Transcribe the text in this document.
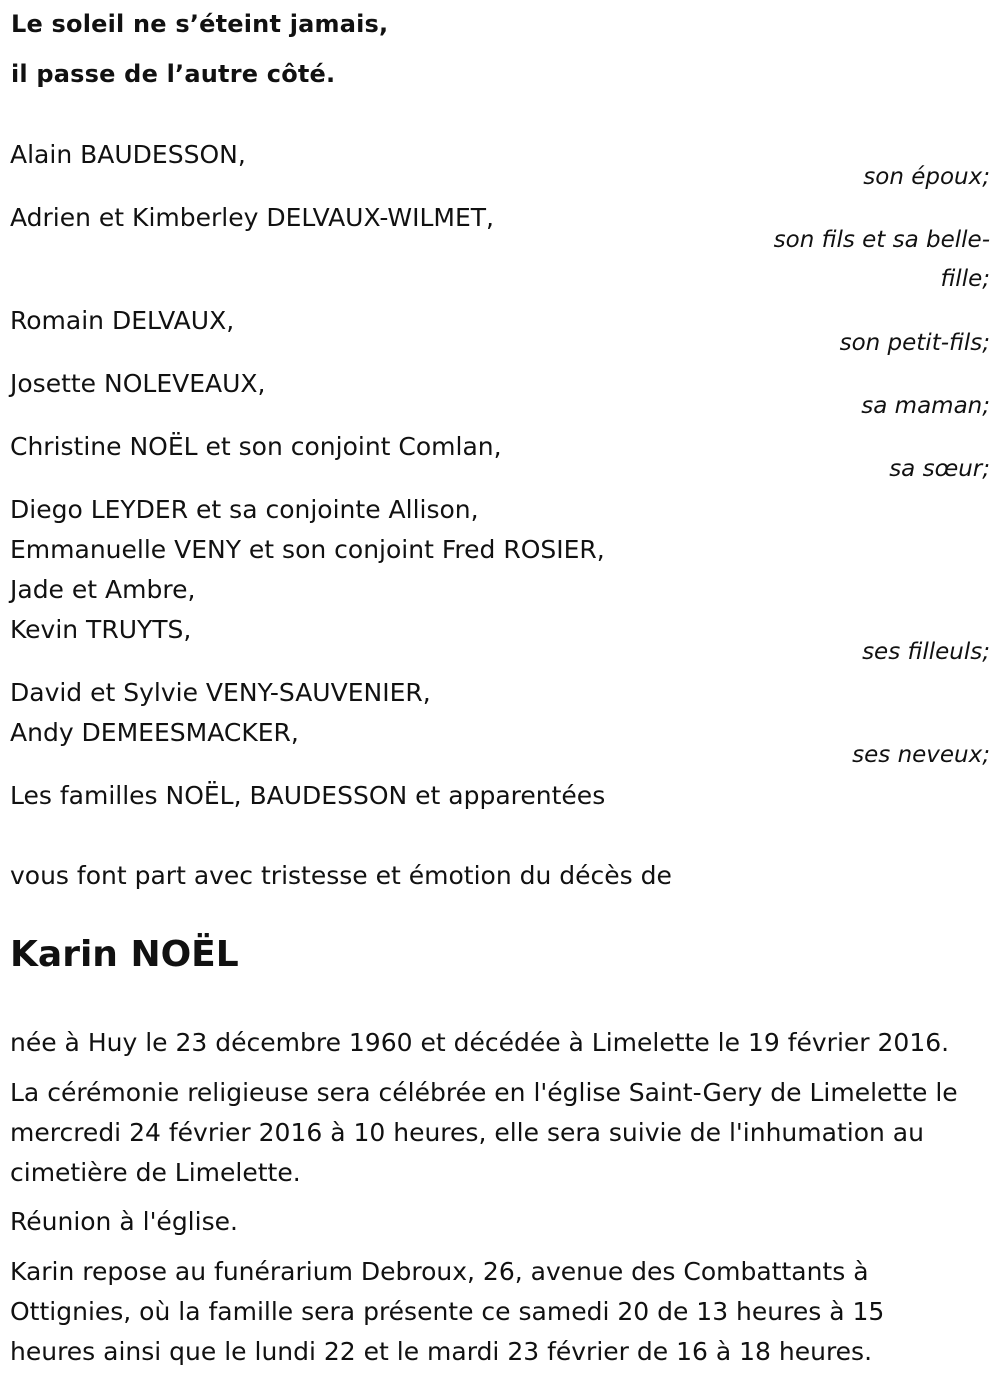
Le soleil ne s’éteint jamais,
il passe de l’autre côté.
Alain BAUDESSON,
son époux;
Adrien et Kimberley DELVAUX-WILMET,
son fils et sa belle-
fille;
Romain DELVAUX,
son petit-fils;
Josette NOLEVEAUX,
sa maman;
Christine NOËL et son conjoint Comlan,
sa sœur;
Diego LEYDER et sa conjointe Allison,
Emmanuelle VENY et son conjoint Fred ROSIER,
Jade et Ambre,
Kevin TRUYTS,
ses filleuls;
David et Sylvie VENY-SAUVENIER,
Andy DEMEESMACKER,
ses neveux;
Les familles NOËL, BAUDESSON et apparentées
vous font part avec tristesse et émotion du décès de
Karin NOËL
née à Huy le 23 décembre 1960 et décédée à Limelette le 19 février 2016.
La cérémonie religieuse sera célébrée en l'église Saint-Gery de Limelette le mercredi 24 février 2016 à 10 heures, elle sera suivie de l'inhumation au cimetière de Limelette.
Réunion à l'église.
Karin repose au funérarium Debroux, 26, avenue des Combattants à Ottignies, où la famille sera présente ce samedi 20 de 13 heures à 15 heures ainsi que le lundi 22 et le mardi 23 février de 16 à 18 heures.
